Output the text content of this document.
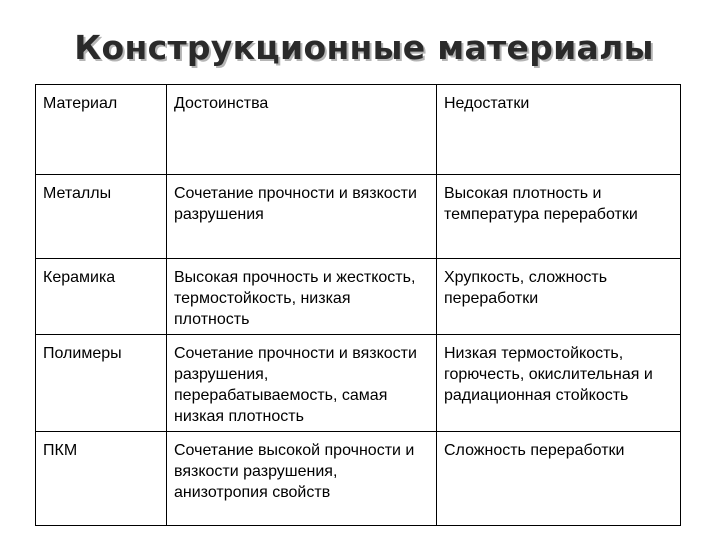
Конструкционные материалы
Материал	Достоинства	Недостатки
Металлы	Сочетание прочности и вязкости разрушения	Высокая плотность и температура переработки
Керамика	Высокая прочность и жесткость, термостойкость, низкая плотность	Хрупкость, сложность переработки
Полимеры	Сочетание прочности и вязкости разрушения, перерабатываемость, самая низкая плотность	Низкая термостойкость, горючесть, окислительная и радиационная стойкость
ПКМ	Сочетание высокой прочности и вязкости разрушения, анизотропия свойств	Сложность переработки
